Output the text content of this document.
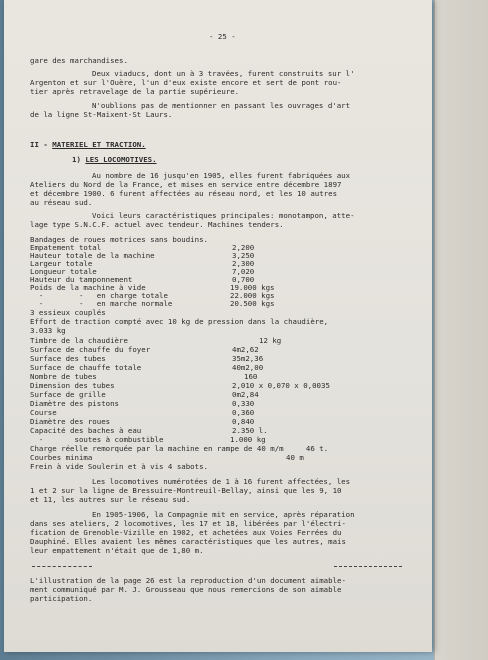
- 25 -
gare des marchandises.
Deux viaducs, dont un à 3 travées, furent construits sur l'
Argenton et sur l'Ouère, l'un d'eux existe encore et sert de pont rou-
tier après retravelage de la partie supérieure.
N'oublions pas de mentionner en passant les ouvrages d'art
de la ligne St-Maixent-St Laurs.
II - MATERIEL ET TRACTION.
1) LES LOCOMOTIVES.
Au nombre de 16 jusqu'en 1905, elles furent fabriquées aux
Ateliers du Nord de la France, et mises en service entre décembre 1897
et décembre 1900. 6 furent affectées au réseau nord, et les 10 autres
au réseau sud.
Voici leurs caractéristiques principales: monotampon, atte-
lage type S.N.C.F. actuel avec tendeur. Machines tenders.
Bandages de roues motrices sans boudins.
Empatement total	2,200
Hauteur totale de la machine	3,250
Largeur totale	2,300
Longueur totale	7,020
Hauteur du tamponnement	0,700
Poids de la machine à vide	19.000 kgs
-        -   en charge totale	22.000 kgs
-        -   en marche normale	20.500 kgs
3 essieux couplés
Effort de traction compté avec 10 kg de pression dans la chaudière,
3.033 kg
Timbre de la chaudière	12 kg
Surface de chauffe du foyer	4m2,62
Surface des tubes	35m2,36
Surface de chauffe totale	40m2,00
Nombre de tubes	160
Dimension des tubes	2,010 x 0,070 x 0,0035
Surface de grille	0m2,84
Diamètre des pistons	0,330
Course	0,360
Diamètre des roues	0,840
Capacité des baches à eau	2.350 l.
-       soutes à combustible	1.000 kg
Charge réelle remorquée par la machine en rampe de 40 m/m     46 t.
Courbes minima	40 m
Frein à vide Soulerin et à vis 4 sabots.
Les locomotives numérotées de 1 à 16 furent affectées, les
1 et 2 sur la ligne de Bressuire-Montreuil-Bellay, ainsi que les 9, 10
et 11, les autres sur le réseau sud.
En 1905-1906, la Compagnie mit en service, après réparation
dans ses ateliers, 2 locomotives, les 17 et 18, libérées par l'électri-
fication de Grenoble-Vizille en 1902, et achetées aux Voies Ferrées du
Dauphiné. Elles avaient les mêmes caractéristiques que les autres, mais
leur empattement n'était que de 1,80 m.
L'illustration de la page 26 est la reproduction d'un document aimable-
ment communiqué par M. J. Grousseau que nous remercions de son aimable
participation.
